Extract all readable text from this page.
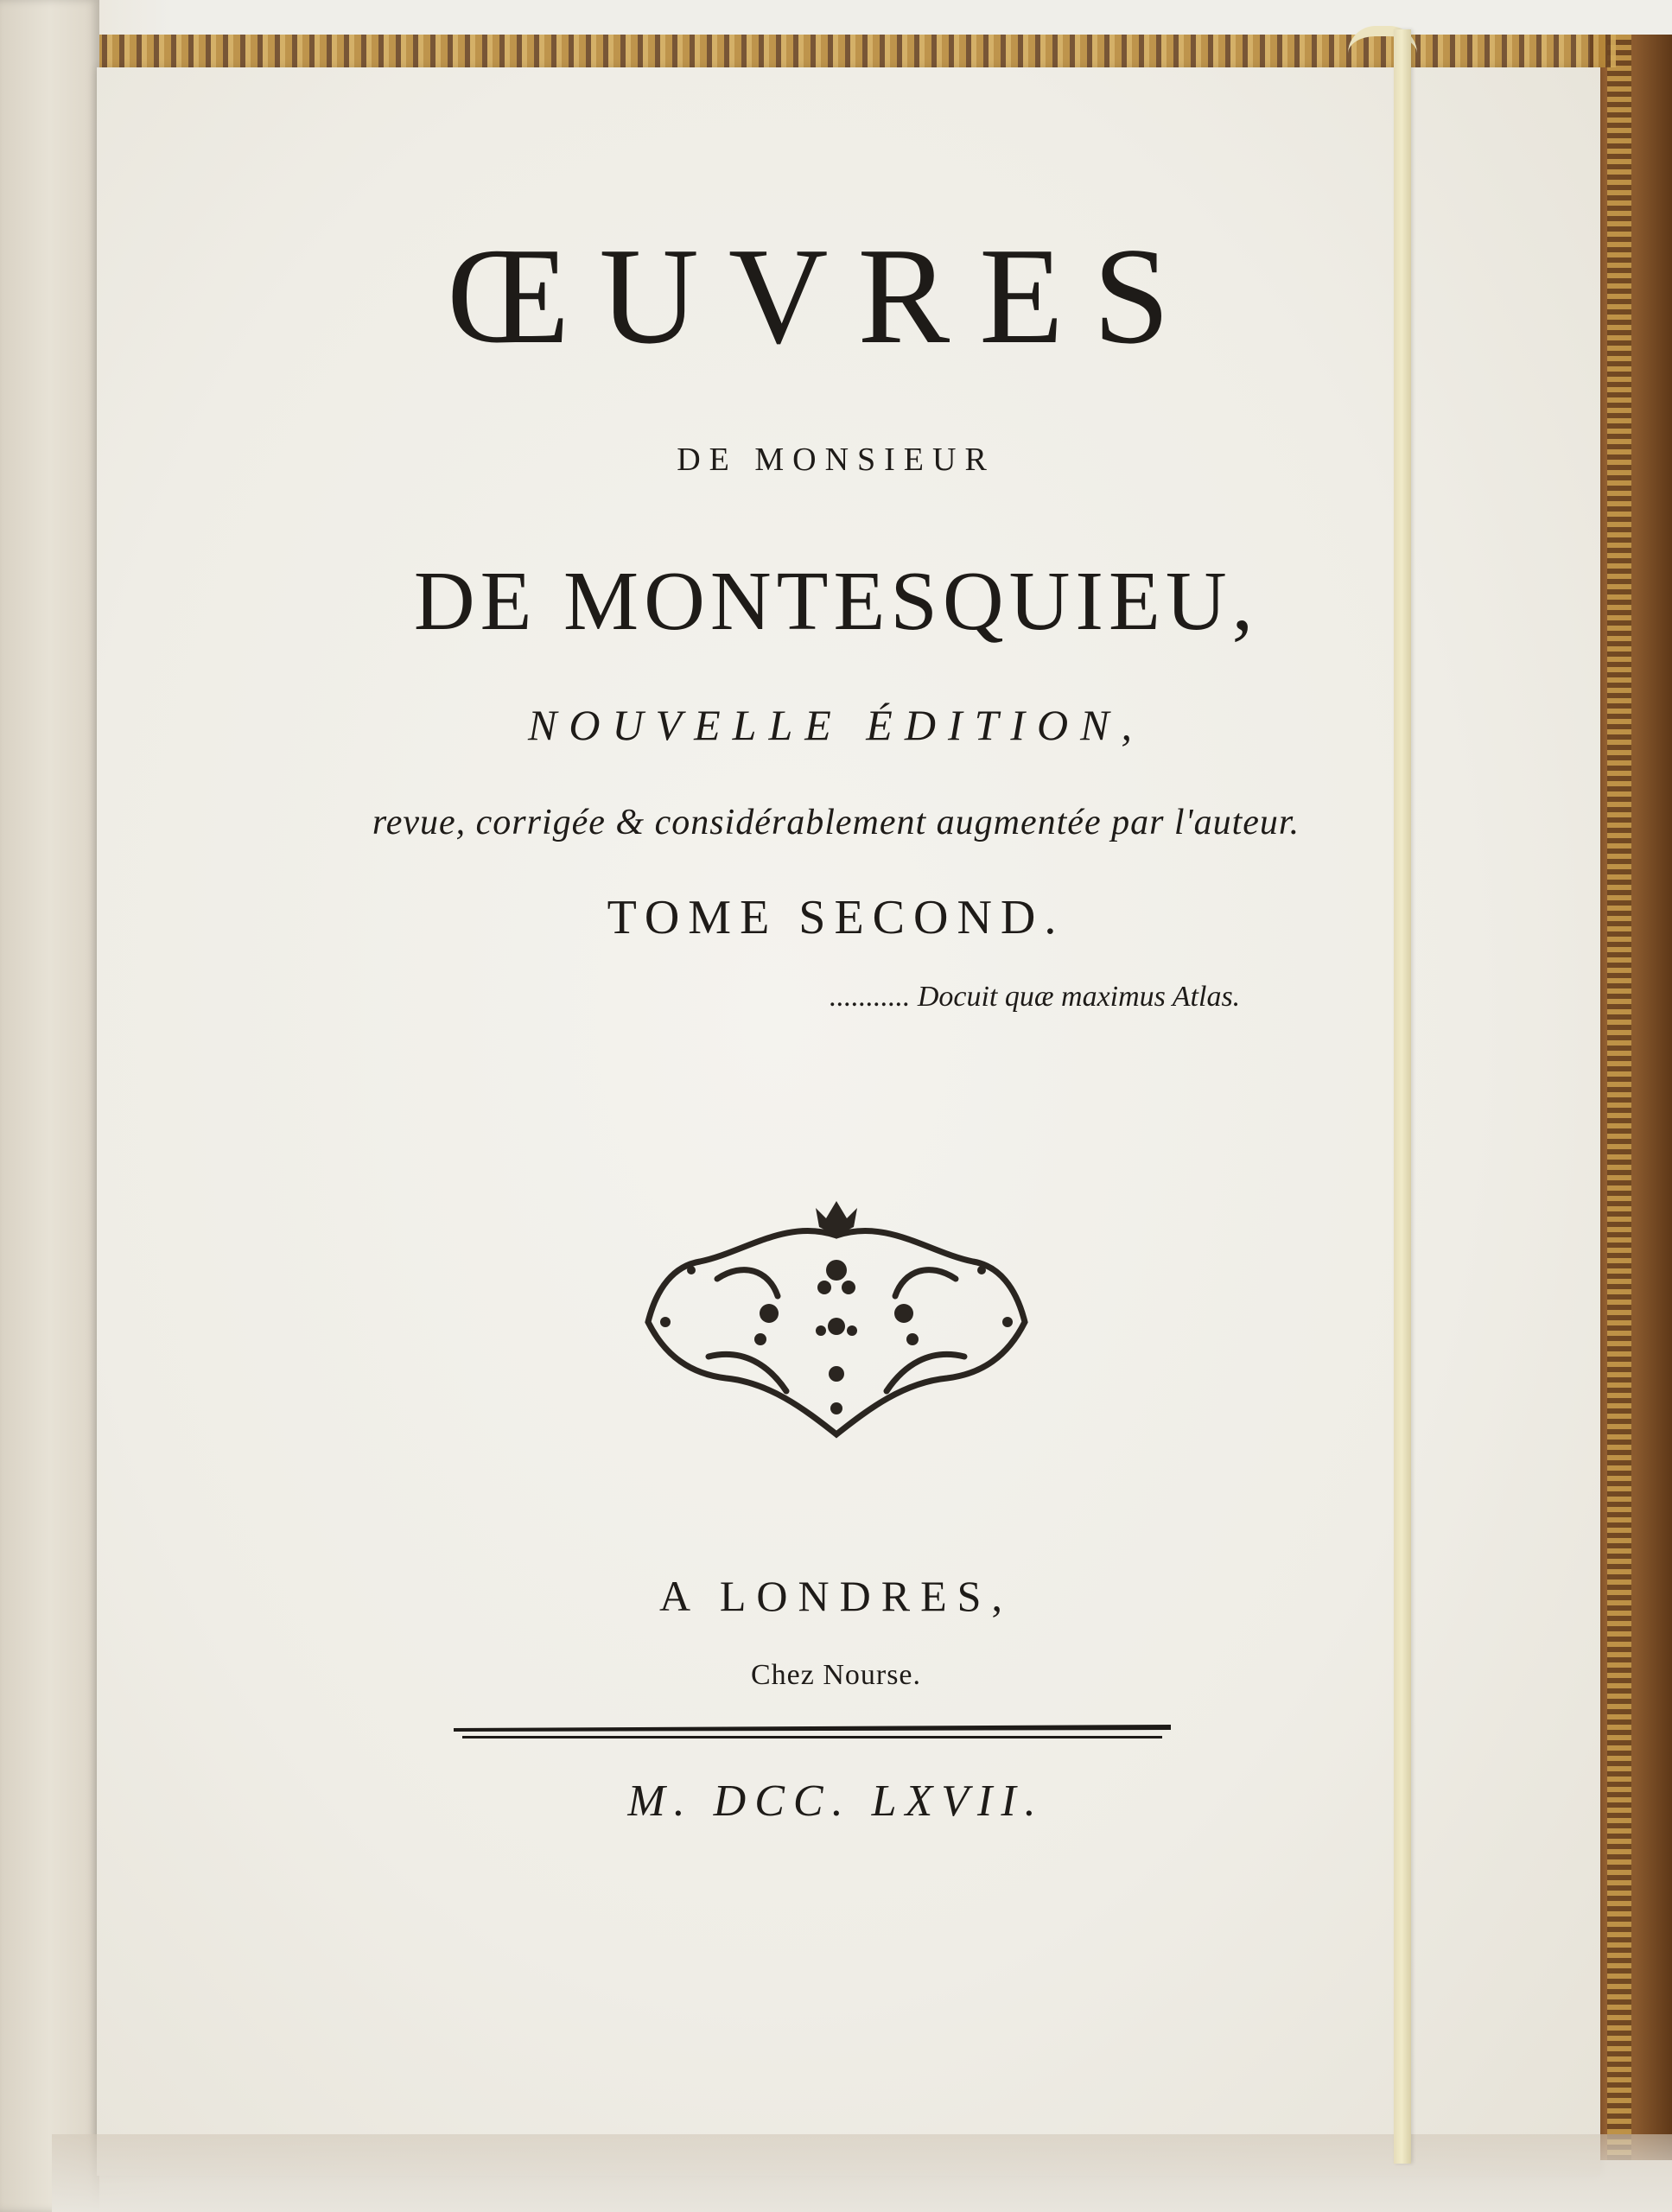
ŒUVRES
DE MONSIEUR
DE MONTESQUIEU,
NOUVELLE ÉDITION,
revue, corrigée & considérablement augmentée par l'auteur.
TOME SECOND.
........... Docuit quæ maximus Atlas.
A LONDRES,
Chez Nourse.
M. DCC. LXVII.
